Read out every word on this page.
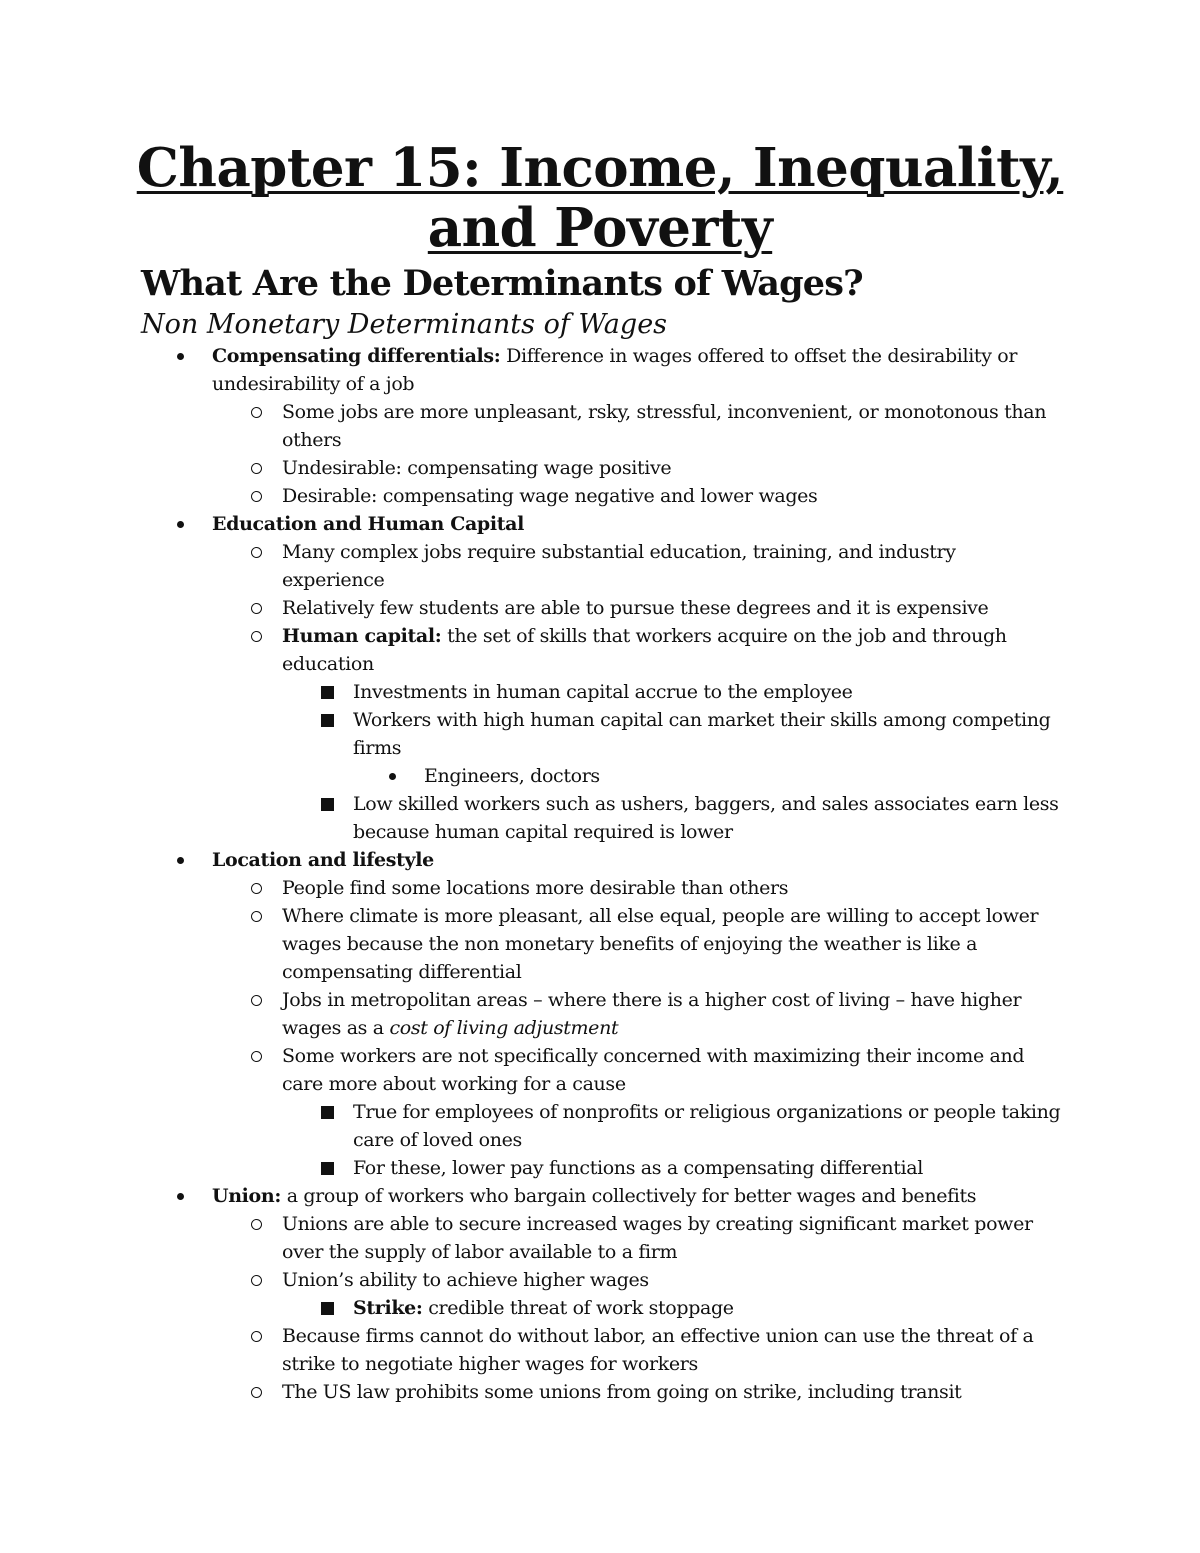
Chapter 15: Income, Inequality,
and Poverty
What Are the Determinants of Wages?
Non Monetary Determinants of Wages
Compensating differentials: Difference in wages offered to offset the desirability or undesirability of a job
Some jobs are more unpleasant, rsky, stressful, inconvenient, or monotonous than others
Undesirable: compensating wage positive
Desirable: compensating wage negative and lower wages
Education and Human Capital
Many complex jobs require substantial education, training, and industry experience
Relatively few students are able to pursue these degrees and it is expensive
Human capital: the set of skills that workers acquire on the job and through education
Investments in human capital accrue to the employee
Workers with high human capital can market their skills among competing firms
Engineers, doctors
Low skilled workers such as ushers, baggers, and sales associates earn less because human capital required is lower
Location and lifestyle
People find some locations more desirable than others
Where climate is more pleasant, all else equal, people are willing to accept lower wages because the non monetary benefits of enjoying the weather is like a compensating differential
Jobs in metropolitan areas – where there is a higher cost of living – have higher wages as a cost of living adjustment
Some workers are not specifically concerned with maximizing their income and care more about working for a cause
True for employees of nonprofits or religious organizations or people taking care of loved ones
For these, lower pay functions as a compensating differential
Union: a group of workers who bargain collectively for better wages and benefits
Unions are able to secure increased wages by creating significant market power over the supply of labor available to a firm
Union’s ability to achieve higher wages
Strike: credible threat of work stoppage
Because firms cannot do without labor, an effective union can use the threat of a strike to negotiate higher wages for workers
The US law prohibits some unions from going on strike, including transit
